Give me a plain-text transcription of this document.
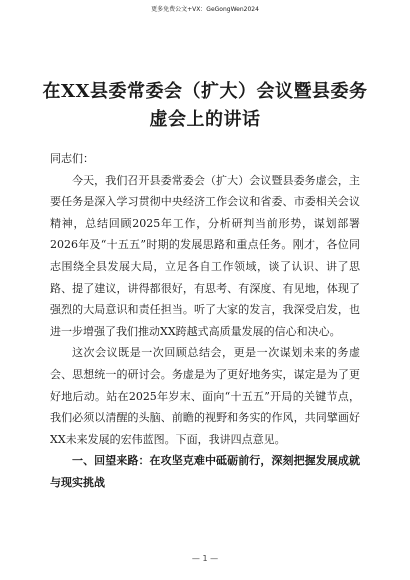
更多免费公文+VX：GeGongWen2024
在XX县委常委会（扩大）会议暨县委务虚会上的讲话

同志们：

今天，我们召开县委常委会（扩大）会议暨县委务虚会，主要任务是深入学习贯彻中央经济工作会议和省委、市委相关会议精神，总结回顾2025年工作，分析研判当前形势，谋划部署2026年及“十五五”时期的发展思路和重点任务。刚才，各位同志围绕全县发展大局，立足各自工作领域，谈了认识、讲了思路、提了建议，讲得都很好，有思考、有深度、有见地，体现了强烈的大局意识和责任担当。听了大家的发言，我深受启发，也进一步增强了我们推动XX跨越式高质量发展的信心和决心。

这次会议既是一次回顾总结会，更是一次谋划未来的务虚会、思想统一的研讨会。务虚是为了更好地务实，谋定是为了更好地后动。站在2025年岁末、面向“十五五”开局的关键节点，我们必须以清醒的头脑、前瞻的视野和务实的作风，共同擘画好XX未来发展的宏伟蓝图。下面，我讲四点意见。

一、回望来路：在攻坚克难中砥砺前行，深刻把握发展成就与现实挑战

— 1 —
